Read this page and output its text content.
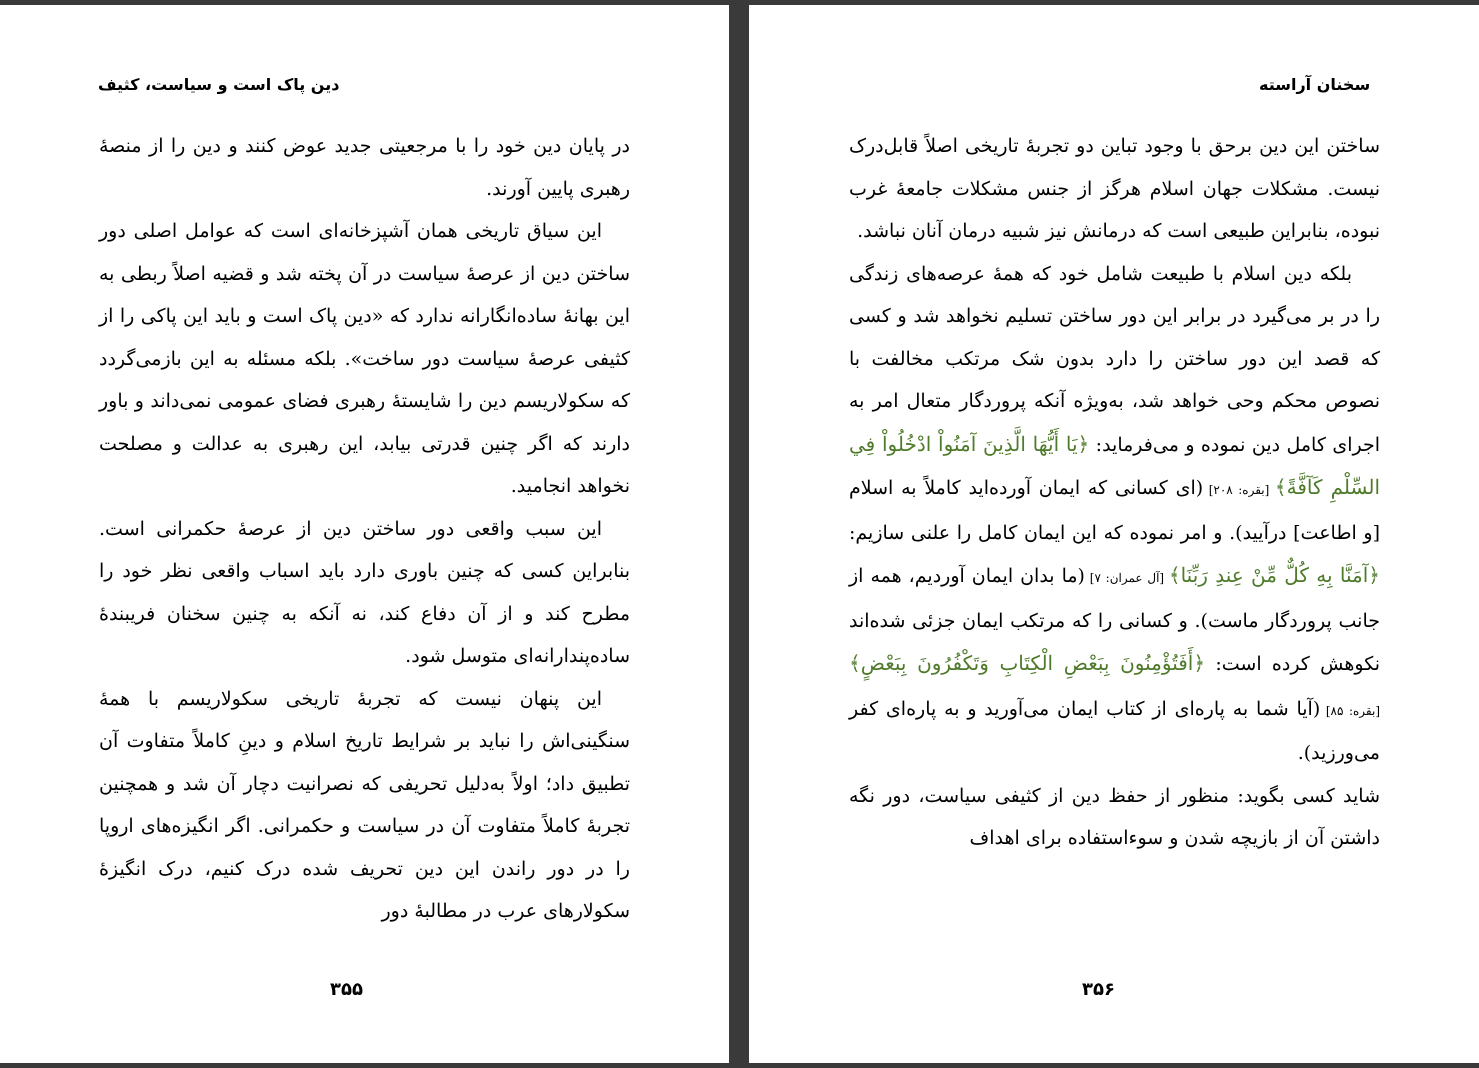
دین پاک است و سیاست، کثیف

در پایان دین خود را با مرجعیتی جدید عوض کنند و دین را از منصهٔ رهبری پایین آورند.

این سیاق تاریخی همان آشپزخانه‌ای است که عوامل اصلی دور ساختن دین از عرصهٔ سیاست در آن پخته شد و قضیه اصلاً ربطی به این بهانهٔ ساده‌انگارانه ندارد که «دین پاک است و باید این پاکی را از کثیفی عرصهٔ سیاست دور ساخت». بلکه مسئله به این بازمی‌گردد که سکولاریسم دین را شایستهٔ رهبری فضای عمومی نمی‌داند و باور دارند که اگر چنین قدرتی بیابد، این رهبری به عدالت و مصلحت نخواهد انجامید.

این سبب واقعی دور ساختن دین از عرصهٔ حکمرانی است. بنابراین کسی که چنین باوری دارد باید اسباب واقعی نظر خود را مطرح کند و از آن دفاع کند، نه آنکه به چنین سخنان فریبندهٔ ساده‌پندارانه‌ای متوسل شود.

این پنهان نیست که تجربهٔ تاریخی سکولاریسم با همهٔ سنگینی‌اش را نباید بر شرایط تاریخ اسلام و دینِ کاملاً متفاوت آن تطبیق داد؛ اولاً به‌دلیل تحریفی که نصرانیت دچار آن شد و همچنین تجربهٔ کاملاً متفاوت آن در سیاست و حکمرانی. اگر انگیزه‌های اروپا را در دور راندن این دین تحریف شده درک کنیم، درک انگیزهٔ سکولارهای عرب در مطالبهٔ دور

۳۵۵
سخنان آراسته

ساختن این دین برحق با وجود تباین دو تجربهٔ تاریخی اصلاً قابل‌درک نیست. مشکلات جهان اسلام هرگز از جنس مشکلات جامعهٔ غرب نبوده، بنابراین طبیعی است که درمانش نیز شبیه درمان آنان نباشد.

بلکه دین اسلام با طبیعت شامل خود که همهٔ عرصه‌های زندگی را در بر می‌گیرد در برابر این دور ساختن تسلیم نخواهد شد و کسی که قصد این دور ساختن را دارد بدون شک مرتکب مخالفت با نصوص محکم وحی خواهد شد، به‌ویژه آنکه پروردگار متعال امر به اجرای کامل دین نموده و می‌فرماید: ﴿يَا أَيُّهَا الَّذِينَ آمَنُواْ ادْخُلُواْ فِي السِّلْمِ كَآفَّةً﴾ [بقره: ۲۰۸] (ای کسانی که ایمان آورده‌اید کاملاً به اسلام [و اطاعت] درآیید). و امر نموده که این ایمان کامل را علنی سازیم: ﴿آمَنَّا بِهِ كُلٌّ مِّنْ عِندِ رَبِّنَا﴾ [آل عمران: ۷] (ما بدان ایمان آوردیم، همه از جانب پروردگار ماست). و کسانی را که مرتکب ایمان جزئی شده‌اند نکوهش کرده است: ﴿أَفَتُؤْمِنُونَ بِبَعْضِ الْكِتَابِ وَتَكْفُرُونَ بِبَعْضٍ﴾ [بقره: ۸۵] (آیا شما به پاره‌ای از کتاب ایمان می‌آورید و به پاره‌ای کفر می‌ورزید).

شاید کسی بگوید: منظور از حفظ دین از کثیفی سیاست، دور نگه داشتن آن از بازیچه شدن و سوءاستفاده برای اهداف

۳۵۶
